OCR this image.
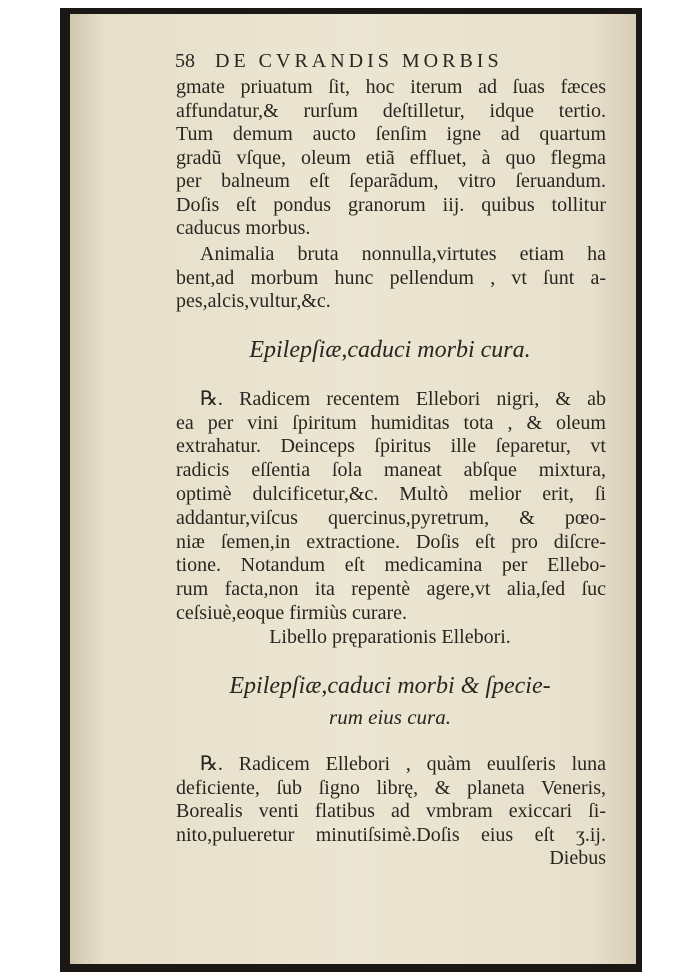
58 DE CVRANDIS MORBIS
gmate priuatum ſit, hoc iterum ad ſuas fæces
affundatur,& rurſum deſtilletur, idque tertio.
Tum demum aucto ſenſim igne ad quartum
gradũ vſque, oleum etiã effluet, à quo flegma
per balneum eſt ſeparãdum, vitro ſeruandum.
Doſis eſt pondus granorum iij. quibus tollitur
caducus morbus.
Animalia bruta nonnulla,virtutes etiam ha
bent,ad morbum hunc pellendum , vt ſunt a-
pes,alcis,vultur,&c.
Epilepſiæ,caduci morbi cura.
℞. Radicem recentem Ellebori nigri, & ab
ea per vini ſpiritum humiditas tota , & oleum
extrahatur. Deinceps ſpiritus ille ſeparetur, vt
radicis eſſentia ſola maneat abſque mixtura,
optimè dulcificetur,&c. Multò melior erit, ſi
addantur,viſcus quercinus,pyretrum, & pœo-
niæ ſemen,in extractione. Doſis eſt pro diſcre-
tione. Notandum eſt medicamina per Ellebo-
rum facta,non ita repentè agere,vt alia,ſed ſuc
ceſsiuè,eoque firmiùs curare.
Libello pręparationis Ellebori.
Epilepſiæ,caduci morbi & ſpecie-
rum eius cura.
℞. Radicem Ellebori , quàm euulſeris luna
deficiente, ſub ſigno librę, & planeta Veneris,
Borealis venti flatibus ad vmbram exiccari ſi-
nito,pulueretur minutiſsimè.Doſis eius eſt ʒ.ij.
Diebus
